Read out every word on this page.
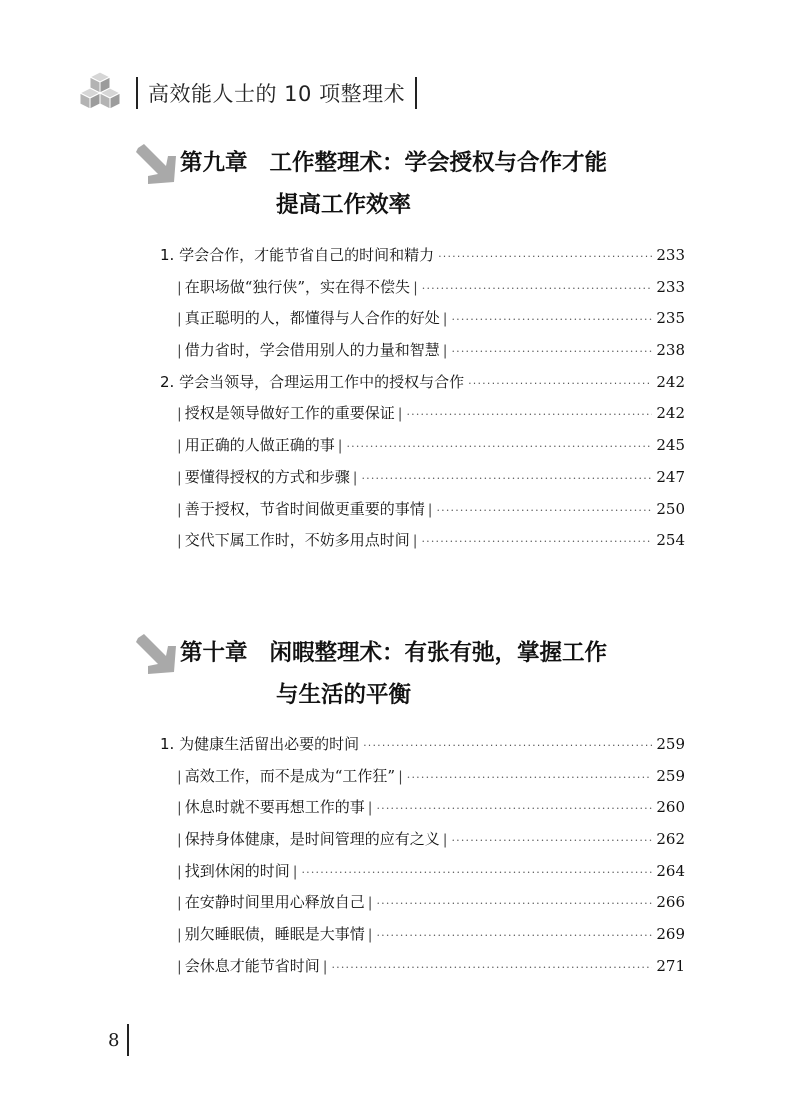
高效能人士的 10 项整理术
第九章 工作整理术：学会授权与合作才能
提高工作效率
1. 学会合作，才能节省自己的时间和精力 ·····	233
| 在职场做“独行侠”，实在得不偿失 | ·····	233
| 真正聪明的人，都懂得与人合作的好处 | ·····	235
| 借力省时，学会借用别人的力量和智慧 | ·····	238
2. 学会当领导，合理运用工作中的授权与合作 ·····	242
| 授权是领导做好工作的重要保证 | ·····	242
| 用正确的人做正确的事 | ·····	245
| 要懂得授权的方式和步骤 | ·····	247
| 善于授权，节省时间做更重要的事情 | ·····	250
| 交代下属工作时，不妨多用点时间 | ·····	254
第十章 闲暇整理术：有张有弛，掌握工作
与生活的平衡
1. 为健康生活留出必要的时间 ·····	259
| 高效工作，而不是成为“工作狂” | ·····	259
| 休息时就不要再想工作的事 | ·····	260
| 保持身体健康，是时间管理的应有之义 | ·····	262
| 找到休闲的时间 | ·····	264
| 在安静时间里用心释放自己 | ·····	266
| 别欠睡眠债，睡眠是大事情 | ·····	269
| 会休息才能节省时间 | ·····	271
8
